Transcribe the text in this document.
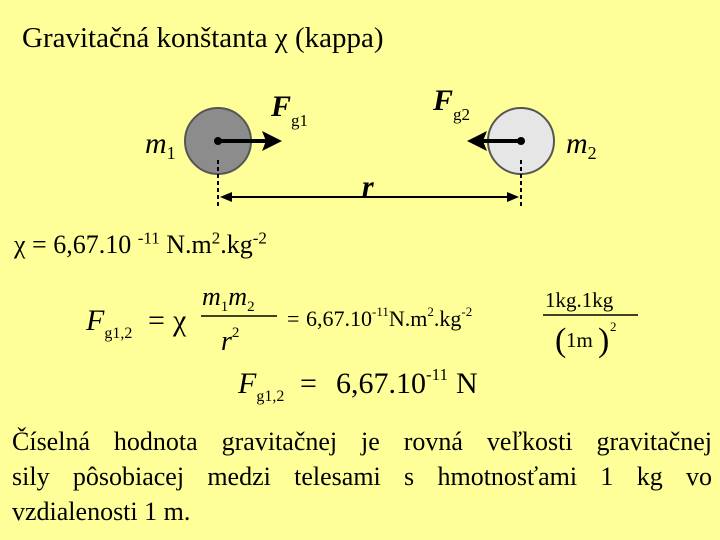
Gravitačná konštanta χ (kappa)
$m_1$	$m_2$
$F_{g1}$
$F_{g2}$
r
χ = 6,67.10 $^{-11}$ $N.m^2.kg^{-2}$
$F_{g1,2} = \chi$
$m_1m_2$
$r^2$
= $6,67.10^{-11}N.m^2.kg^{-2}$	1kg.1kg
( 1m ) 2
$F_{g1,2} = 6,67.10^{-11}$ N
Číselná hodnota gravitačnej je rovná veľkosti gravitačnej
sily pôsobiacej medzi telesami s hmotnosťami 1 kg vo
vzdialenosti 1 m.
